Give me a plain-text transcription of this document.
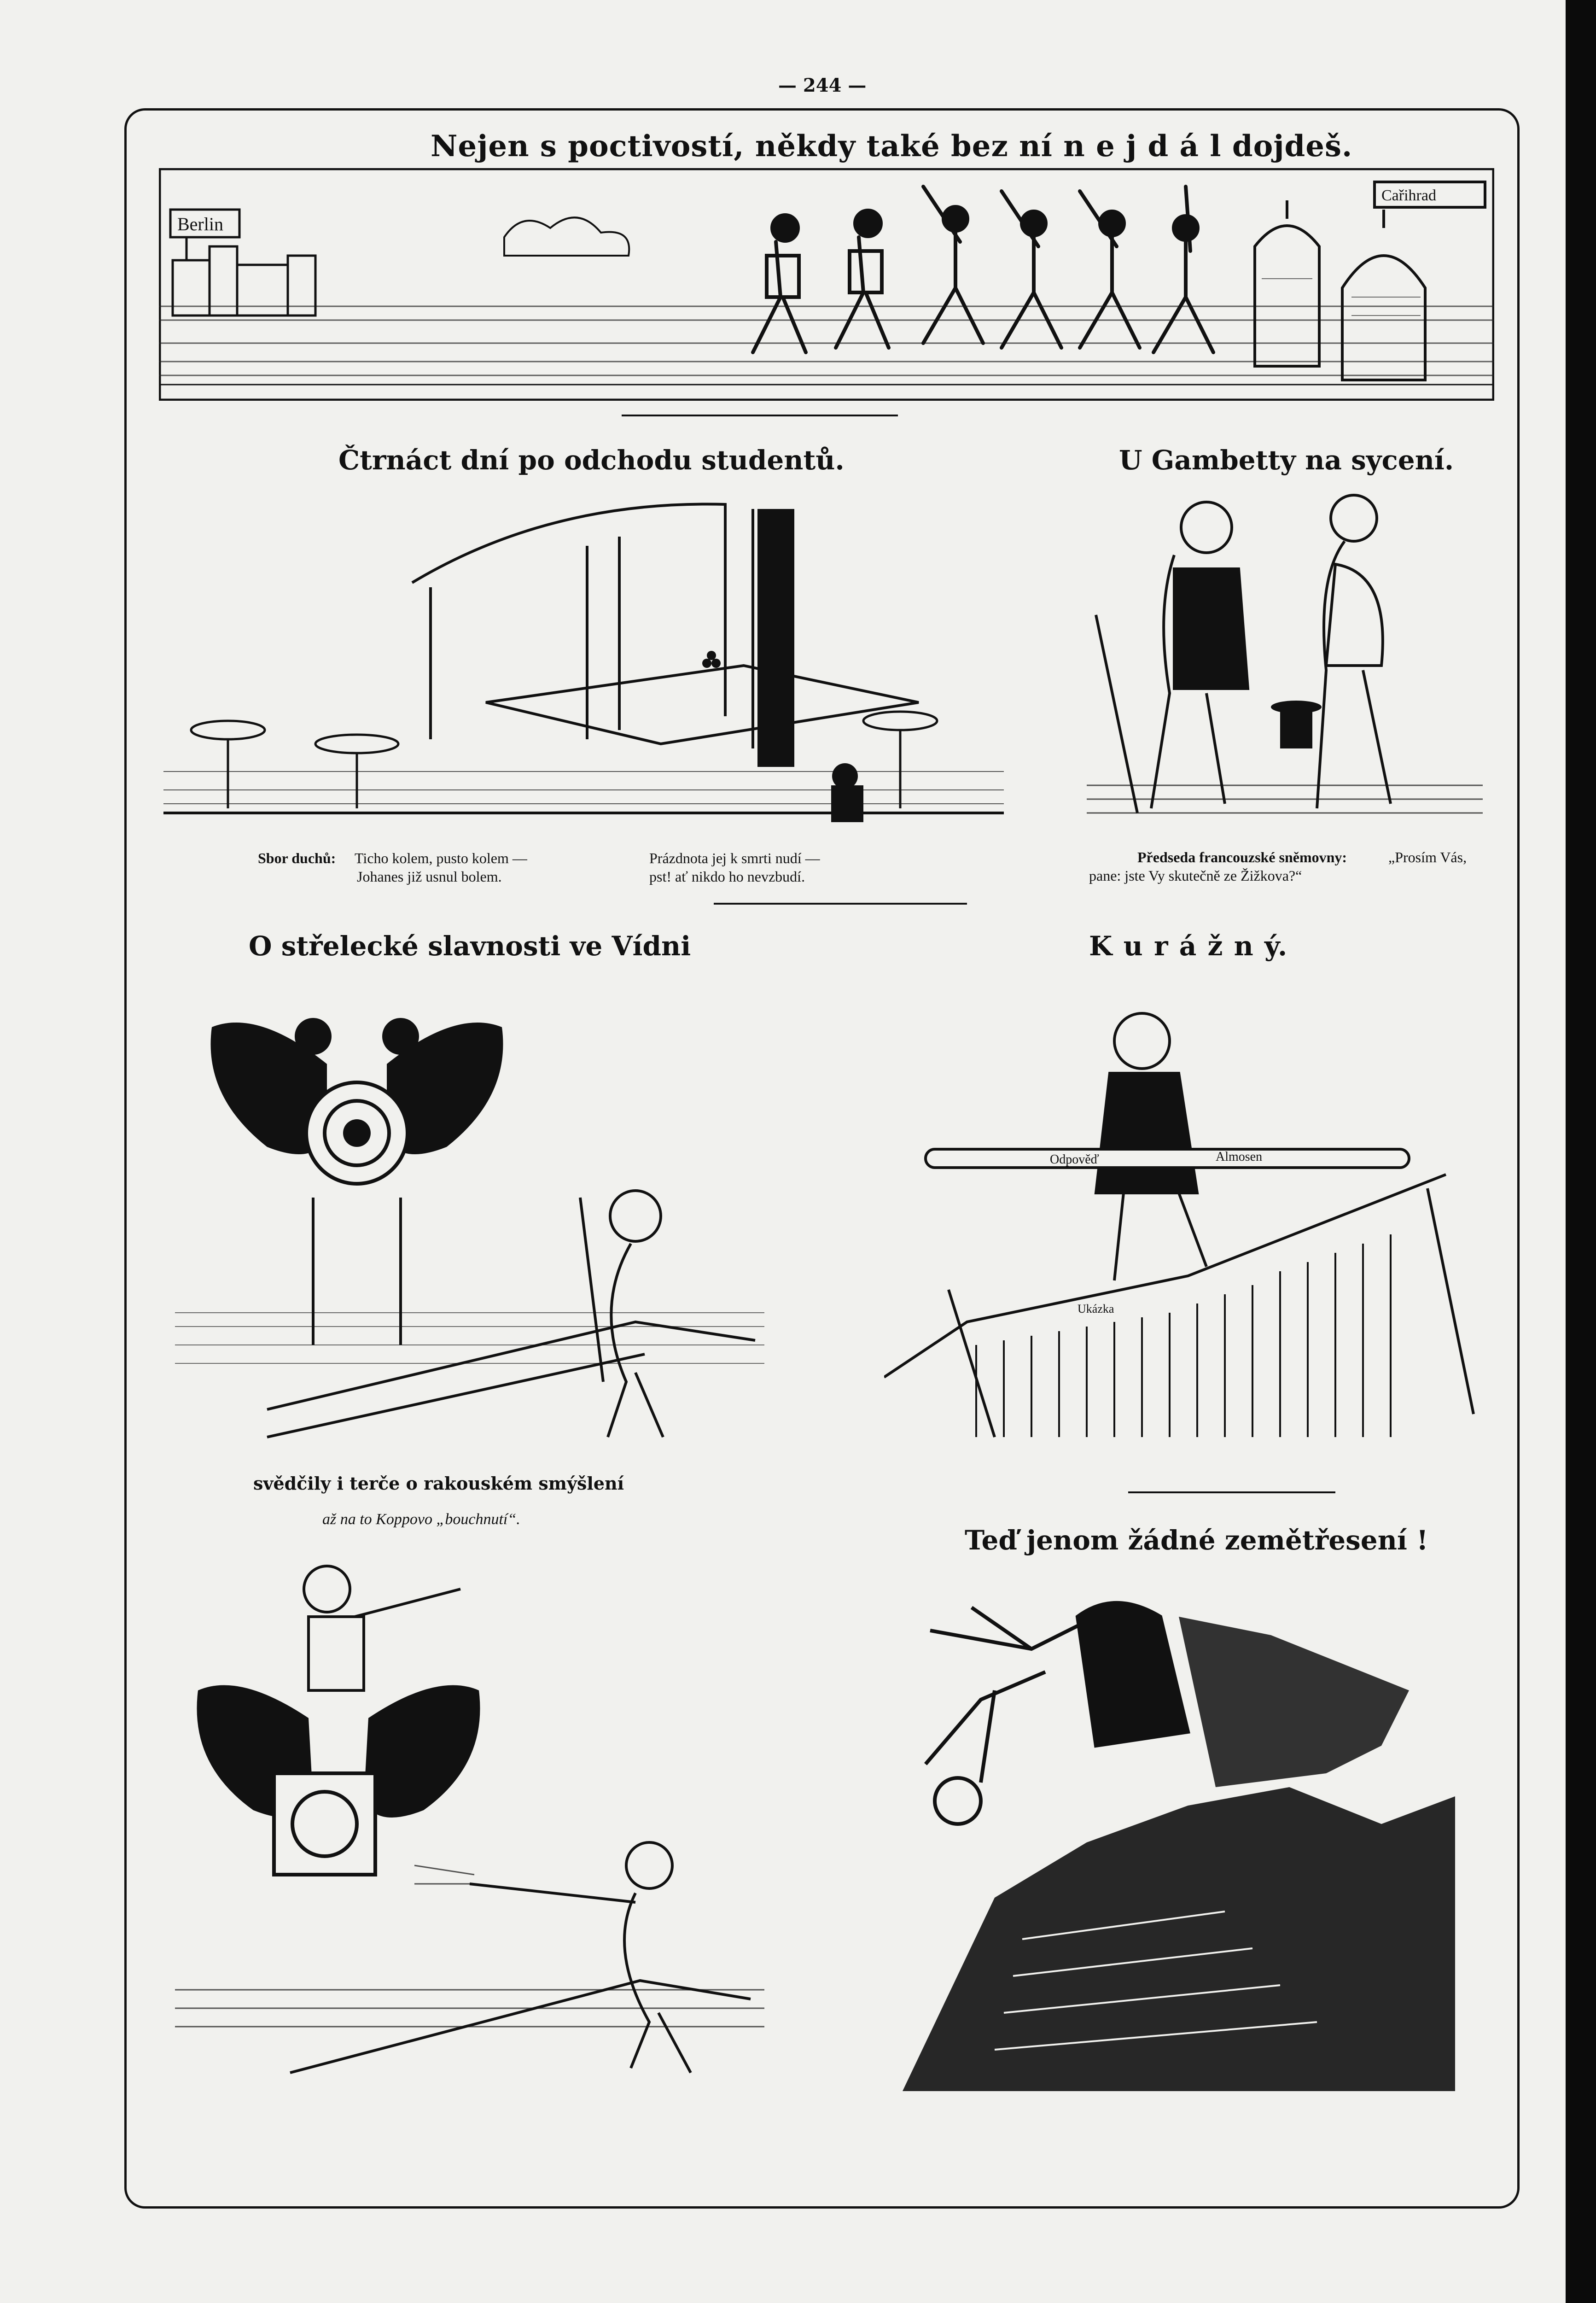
— 244 —
Nejen s poctivostí, někdy také bez ní n e j d á l dojdeš.
Berlin
Cařihrad
Čtrnáct dní po odchodu studentů.
Sbor duchů: Ticho kolem, pusto kolem —
Johanes již usnul bolem.
Prázdnota jej k smrti nudí —
pst! ať nikdo ho nevzbudí.
U Gambetty na sycení.
Předseda francouzské sněmovny:	„Prosím Vás,
pane: jste Vy skutečně ze Žižkova?“
O střelecké slavnosti ve Vídni
svědčily i terče o rakouském smýšlení
až na to Koppovo „bouchnutí“.
K u r á ž n ý.
Odpověď	Almosen
Ukázka
Teď jenom žádné zemětřesení !
